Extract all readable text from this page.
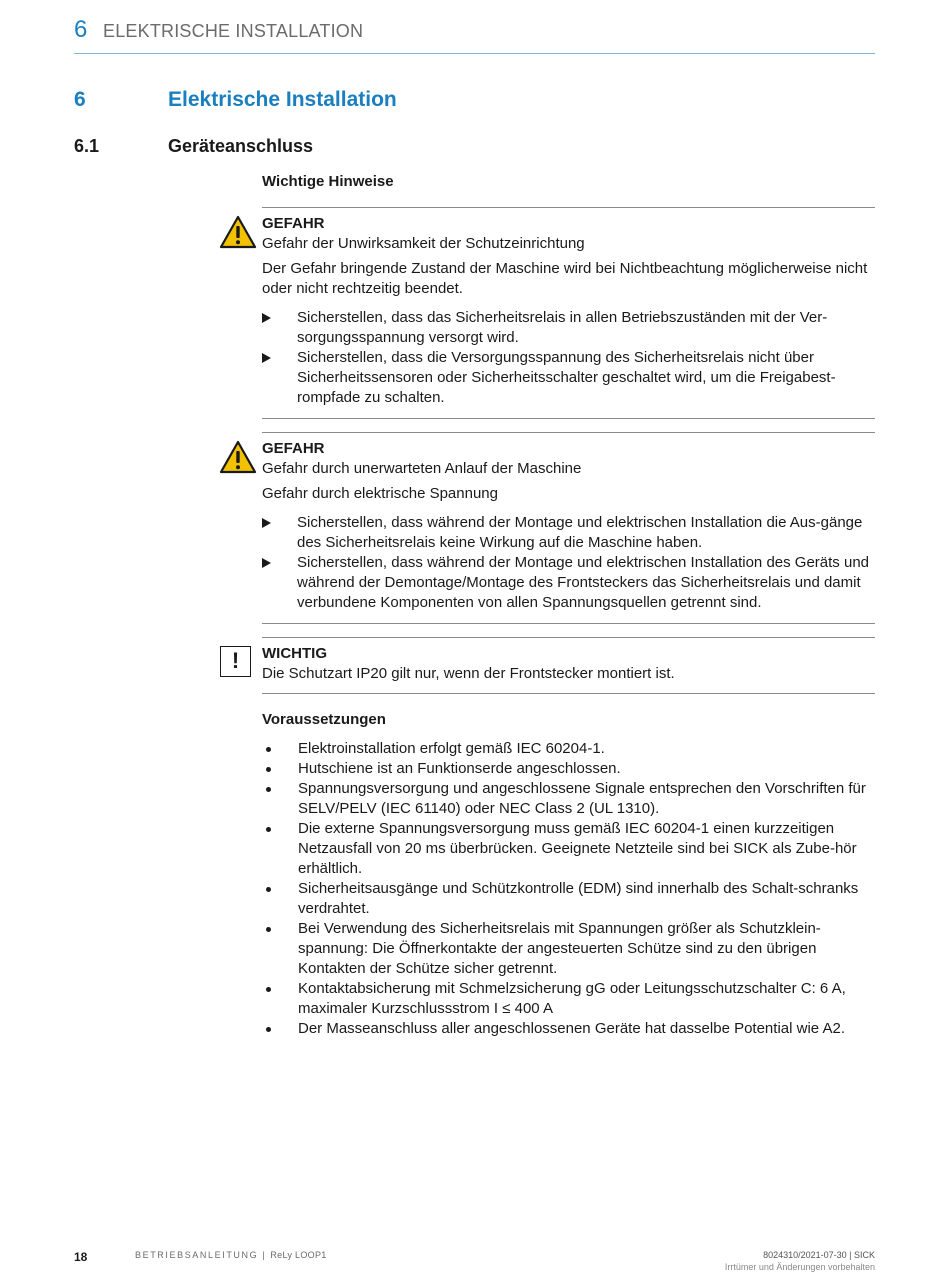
6 ELEKTRISCHE INSTALLATION
6	Elektrische Installation
6.1	Geräteanschluss
Wichtige Hinweise

GEFAHR

Gefahr der Unwirksamkeit der Schutzeinrichtung

Der Gefahr bringende Zustand der Maschine wird bei Nichtbeachtung möglicherweise nicht oder nicht rechtzeitig beendet.

Sicherstellen, dass das Sicherheitsrelais in allen Betriebszuständen mit der Ver-sorgungsspannung versorgt wird.
Sicherstellen, dass die Versorgungsspannung des Sicherheitsrelais nicht über Sicherheitssensoren oder Sicherheitsschalter geschaltet wird, um die Freigabest-rompfade zu schalten.

GEFAHR

Gefahr durch unerwarteten Anlauf der Maschine

Gefahr durch elektrische Spannung

Sicherstellen, dass während der Montage und elektrischen Installation die Aus-gänge des Sicherheitsrelais keine Wirkung auf die Maschine haben.
Sicherstellen, dass während der Montage und elektrischen Installation des Geräts und während der Demontage/Montage des Frontsteckers das Sicherheitsrelais und damit verbundene Komponenten von allen Spannungsquellen getrennt sind.
!	WICHTIG

Die Schutzart IP20 gilt nur, wenn der Frontstecker montiert ist.

Voraussetzungen
Elektroinstallation erfolgt gemäß IEC 60204-1.
Hutschiene ist an Funktionserde angeschlossen.
Spannungsversorgung und angeschlossene Signale entsprechen den Vorschriften für SELV/PELV (IEC 61140) oder NEC Class 2 (UL 1310).
Die externe Spannungsversorgung muss gemäß IEC 60204-1 einen kurzzeitigen Netzausfall von 20 ms überbrücken. Geeignete Netzteile sind bei SICK als Zube-hör erhältlich.
Sicherheitsausgänge und Schützkontrolle (EDM) sind innerhalb des Schalt-schranks verdrahtet.
Bei Verwendung des Sicherheitsrelais mit Spannungen größer als Schutzklein-spannung: Die Öffnerkontakte der angesteuerten Schütze sind zu den übrigen Kontakten der Schütze sicher getrennt.
Kontaktabsicherung mit Schmelzsicherung gG oder Leitungsschutzschalter C: 6 A, maximaler Kurzschlussstrom I ≤ 400 A
Der Masseanschluss aller angeschlossenen Geräte hat dasselbe Potential wie A2.
18	BETRIEBSANLEITUNG | ReLy LOOP1	8024310/2021-07-30 | SICK
Irrtümer und Änderungen vorbehalten
